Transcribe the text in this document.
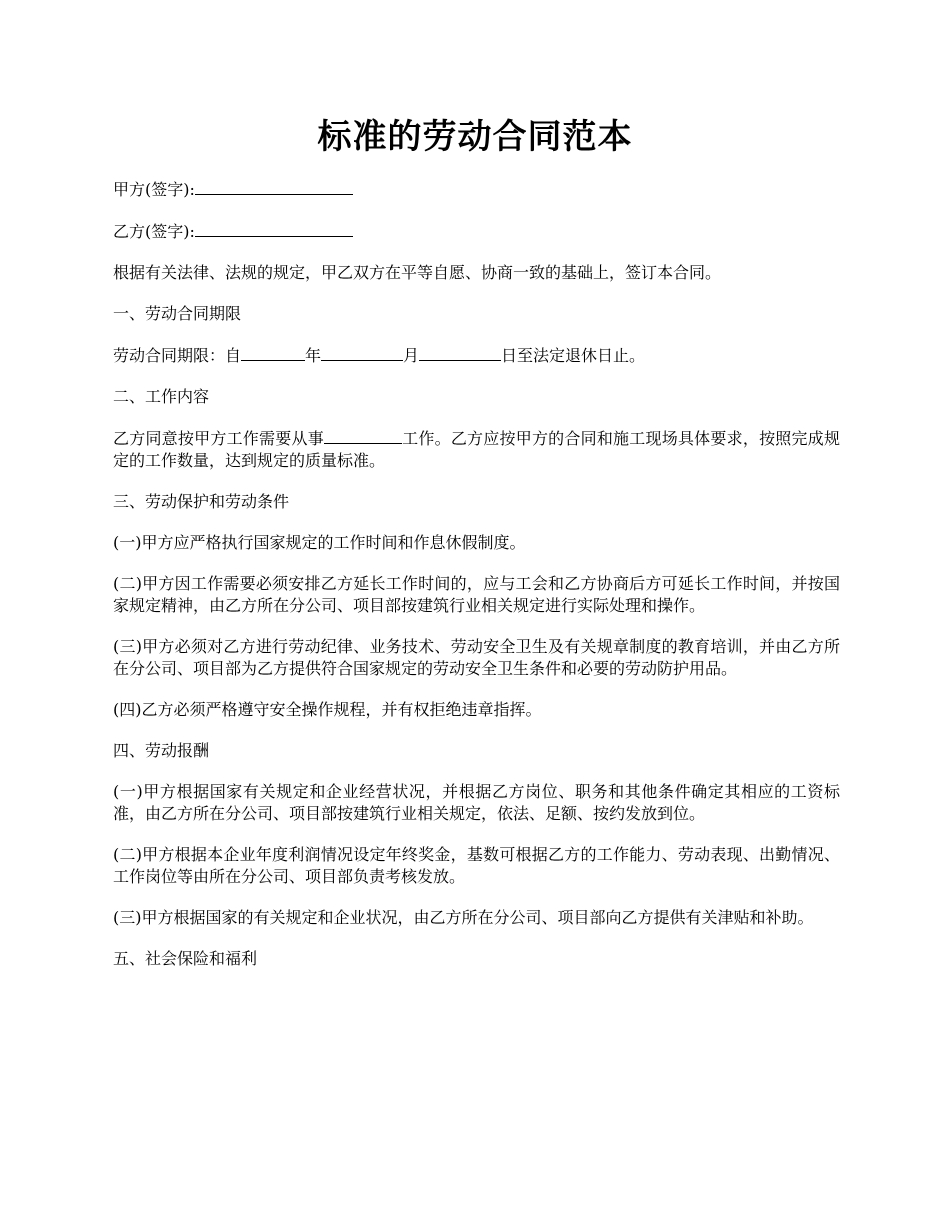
标准的劳动合同范本

甲方(签字):

乙方(签字):

根据有关法律、法规的规定，甲乙双方在平等自愿、协商一致的基础上，签订本合同。

一、劳动合同期限

劳动合同期限：自	年	月	日至法定退休日止。

二、工作内容

乙方同意按甲方工作需要从事	工作。乙方应按甲方的合同和施工现场具体要求，按照完成规定的工作数量，达到规定的质量标准。

三、劳动保护和劳动条件

(一)甲方应严格执行国家规定的工作时间和作息休假制度。

(二)甲方因工作需要必须安排乙方延长工作时间的，应与工会和乙方协商后方可延长工作时间，并按国家规定精神，由乙方所在分公司、项目部按建筑行业相关规定进行实际处理和操作。

(三)甲方必须对乙方进行劳动纪律、业务技术、劳动安全卫生及有关规章制度的教育培训，并由乙方所在分公司、项目部为乙方提供符合国家规定的劳动安全卫生条件和必要的劳动防护用品。

(四)乙方必须严格遵守安全操作规程，并有权拒绝违章指挥。

四、劳动报酬

(一)甲方根据国家有关规定和企业经营状况，并根据乙方岗位、职务和其他条件确定其相应的工资标准，由乙方所在分公司、项目部按建筑行业相关规定，依法、足额、按约发放到位。

(二)甲方根据本企业年度利润情况设定年终奖金，基数可根据乙方的工作能力、劳动表现、出勤情况、工作岗位等由所在分公司、项目部负责考核发放。

(三)甲方根据国家的有关规定和企业状况，由乙方所在分公司、项目部向乙方提供有关津贴和补助。

五、社会保险和福利
